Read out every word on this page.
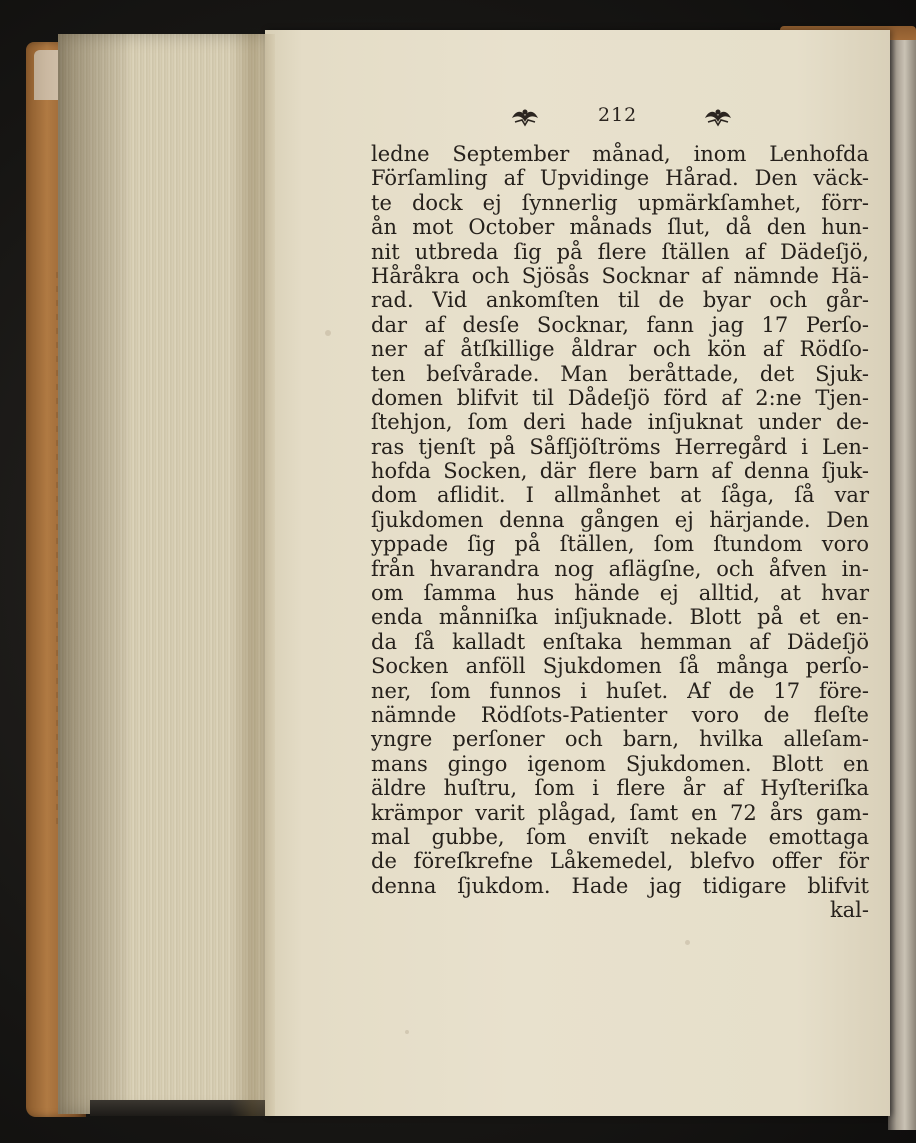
212
ledne September månad, inom Lenhofda
Förſamling af Upvidinge Hårad. Den väck-
te dock ej ſynnerlig upmärkſamhet, förr-
ån mot October månads ſlut, då den hun-
nit utbreda ſig på flere ſtällen af Dädeſjö,
Håråkra och Sjösås Socknar af nämnde Hä-
rad. Vid ankomſten til de byar och går-
dar af desſe Socknar, fann jag 17 Perſo-
ner af åtſkillige åldrar och kön af Rödſo-
ten beſvårade. Man beråttade, det Sjuk-
domen blifvit til Dådeſjö förd af 2:ne Tjen-
ſtehjon, ſom deri hade inſjuknat under de-
ras tjenſt på Såfſjöſtröms Herregård i Len-
hofda Socken, där flere barn af denna ſjuk-
dom aflidit. I allmånhet at ſåga, ſå var
ſjukdomen denna gången ej härjande. Den
yppade ſig på ſtällen, ſom ſtundom voro
från hvarandra nog aflägſne, och åfven in-
om ſamma hus hände ej alltid, at hvar
enda månniſka inſjuknade. Blott på et en-
da ſå kalladt enſtaka hemman af Dädeſjö
Socken anföll Sjukdomen ſå många perſo-
ner, ſom funnos i huſet. Af de 17 före-
nämnde Rödſots-Patienter voro de fleſte
yngre perſoner och barn, hvilka alleſam-
mans gingo igenom Sjukdomen. Blott en
äldre huſtru, ſom i flere år af Hyſteriſka
krämpor varit plågad, ſamt en 72 års gam-
mal gubbe, ſom enviſt nekade emottaga
de föreſkrefne Låkemedel, blefvo offer för
denna ſjukdom. Hade jag tidigare blifvit
kal-
